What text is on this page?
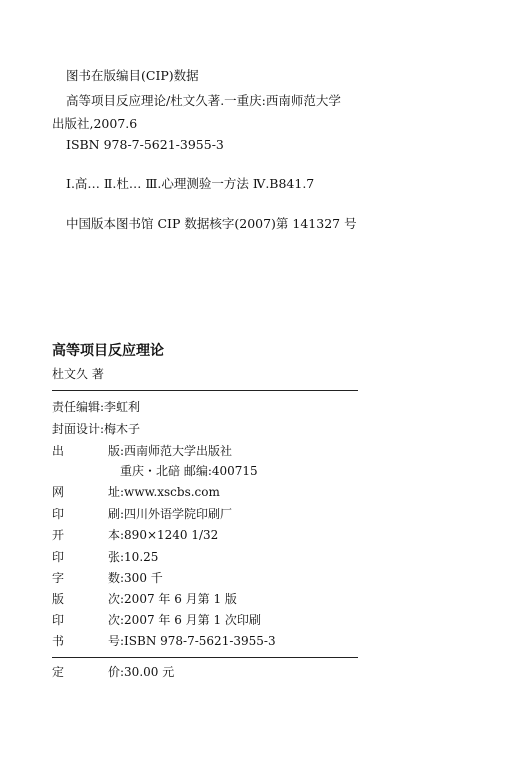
图书在版编目(CIP)数据
高等项目反应理论/杜文久著.一重庆:西南师范大学
出版社,2007.6
ISBN 978-7-5621-3955-3
Ⅰ.高… Ⅱ.杜… Ⅲ.心理测验一方法 Ⅳ.B841.7
中国版本图书馆 CIP 数据核字(2007)第 141327 号
高等项目反应理论
杜文久 著
责任编辑:李虹利
封面设计:梅木子
出	版:西南师范大学出版社
重庆・北碚 邮编:400715
网	址:www.xscbs.com
印	刷:四川外语学院印刷厂
开	本:890×1240 1/32
印	张:10.25
字	数:300 千
版	次:2007 年 6 月第 1 版
印	次:2007 年 6 月第 1 次印刷
书	号:ISBN 978-7-5621-3955-3
定	价:30.00 元
